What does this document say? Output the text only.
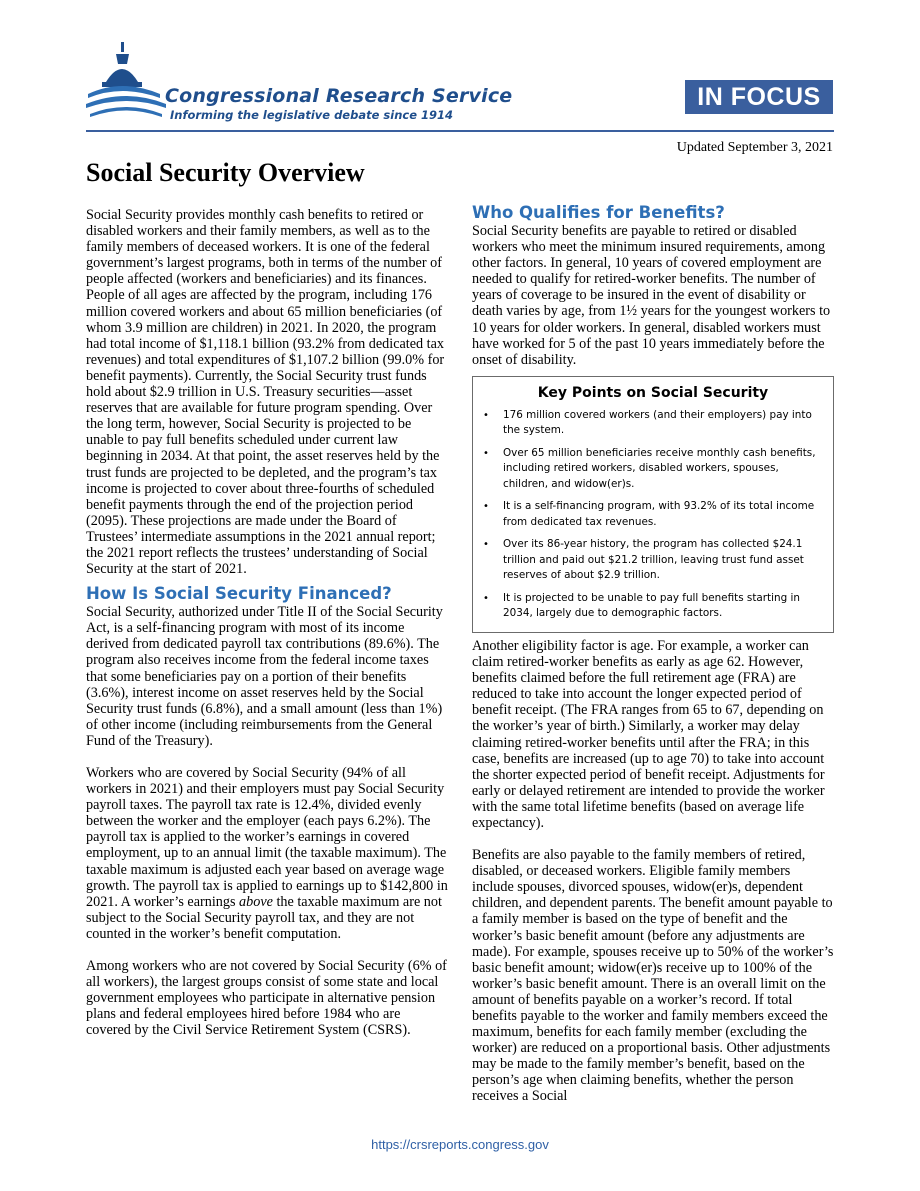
Congressional Research Service
Informing the legislative debate since 1914
IN FOCUS
Updated September 3, 2021
Social Security Overview

Social Security provides monthly cash benefits to retired or disabled workers and their family members, as well as to the family members of deceased workers. It is one of the federal government’s largest programs, both in terms of the number of people affected (workers and beneficiaries) and its finances. People of all ages are affected by the program, including 176 million covered workers and about 65 million beneficiaries (of whom 3.9 million are children) in 2021. In 2020, the program had total income of $1,118.1 billion (93.2% from dedicated tax revenues) and total expenditures of $1,107.2 billion (99.0% for benefit payments). Currently, the Social Security trust funds hold about $2.9 trillion in U.S. Treasury securities—asset reserves that are available for future program spending. Over the long term, however, Social Security is projected to be unable to pay full benefits scheduled under current law beginning in 2034. At that point, the asset reserves held by the trust funds are projected to be depleted, and the program’s tax income is projected to cover about three-fourths of scheduled benefit payments through the end of the projection period (2095). These projections are made under the Board of Trustees’ intermediate assumptions in the 2021 annual report; the 2021 report reflects the trustees’ understanding of Social Security at the start of 2021.

How Is Social Security Financed?

Social Security, authorized under Title II of the Social Security Act, is a self-financing program with most of its income derived from dedicated payroll tax contributions (89.6%). The program also receives income from the federal income taxes that some beneficiaries pay on a portion of their benefits (3.6%), interest income on asset reserves held by the Social Security trust funds (6.8%), and a small amount (less than 1%) of other income (including reimbursements from the General Fund of the Treasury).

Workers who are covered by Social Security (94% of all workers in 2021) and their employers must pay Social Security payroll taxes. The payroll tax rate is 12.4%, divided evenly between the worker and the employer (each pays 6.2%). The payroll tax is applied to the worker’s earnings in covered employment, up to an annual limit (the taxable maximum). The taxable maximum is adjusted each year based on average wage growth. The payroll tax is applied to earnings up to $142,800 in 2021. A worker’s earnings above the taxable maximum are not subject to the Social Security payroll tax, and they are not counted in the worker’s benefit computation.

Among workers who are not covered by Social Security (6% of all workers), the largest groups consist of some state and local government employees who participate in alternative pension plans and federal employees hired before 1984 who are covered by the Civil Service Retirement System (CSRS).

Who Qualifies for Benefits?

Social Security benefits are payable to retired or disabled workers who meet the minimum insured requirements, among other factors. In general, 10 years of covered employment are needed to qualify for retired-worker benefits. The number of years of coverage to be insured in the event of disability or death varies by age, from 1½ years for the youngest workers to 10 years for older workers. In general, disabled workers must have worked for 5 of the past 10 years immediately before the onset of disability.

Key Points on Social Security
• 176 million covered workers (and their employers) pay into the system.
• Over 65 million beneficiaries receive monthly cash benefits, including retired workers, disabled workers, spouses, children, and widow(er)s.
• It is a self-financing program, with 93.2% of its total income from dedicated tax revenues.
• Over its 86-year history, the program has collected $24.1 trillion and paid out $21.2 trillion, leaving trust fund asset reserves of about $2.9 trillion.
• It is projected to be unable to pay full benefits starting in 2034, largely due to demographic factors.

Another eligibility factor is age. For example, a worker can claim retired-worker benefits as early as age 62. However, benefits claimed before the full retirement age (FRA) are reduced to take into account the longer expected period of benefit receipt. (The FRA ranges from 65 to 67, depending on the worker’s year of birth.) Similarly, a worker may delay claiming retired-worker benefits until after the FRA; in this case, benefits are increased (up to age 70) to take into account the shorter expected period of benefit receipt. Adjustments for early or delayed retirement are intended to provide the worker with the same total lifetime benefits (based on average life expectancy).

Benefits are also payable to the family members of retired, disabled, or deceased workers. Eligible family members include spouses, divorced spouses, widow(er)s, dependent children, and dependent parents. The benefit amount payable to a family member is based on the type of benefit and the worker’s basic benefit amount (before any adjustments are made). For example, spouses receive up to 50% of the worker’s basic benefit amount; widow(er)s receive up to 100% of the worker’s basic benefit amount. There is an overall limit on the amount of benefits payable on a worker’s record. If total benefits payable to the worker and family members exceed the maximum, benefits for each family member (excluding the worker) are reduced on a proportional basis. Other adjustments may be made to the family member’s benefit, based on the person’s age when claiming benefits, whether the person receives a Social

https://crsreports.congress.gov
